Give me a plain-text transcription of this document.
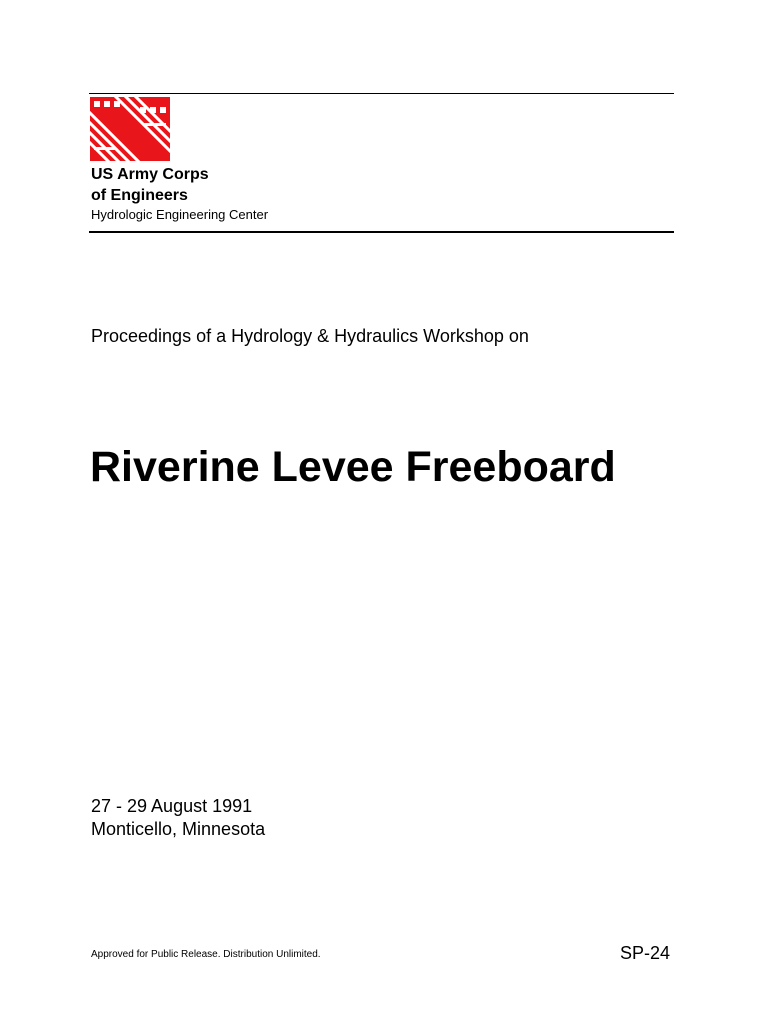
US Army Corps
of Engineers
Hydrologic Engineering Center
Proceedings of a Hydrology & Hydraulics Workshop on
Riverine Levee Freeboard
27 - 29 August 1991
Monticello, Minnesota
Approved for Public Release. Distribution Unlimited.	SP-24
